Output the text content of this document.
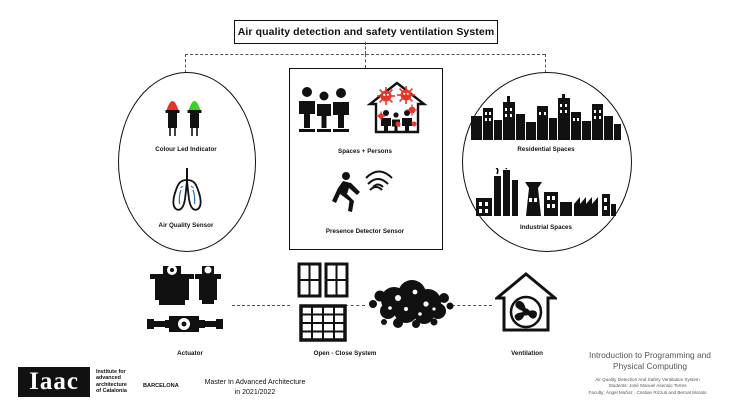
Air quality detection and safety ventilation System
Colour Led Indicator
Air Quality Sensor
Spaces + Persons
Presence Detector Sensor
Residential Spaces
Industrial Spaces
Actuator	Open - Close System	Ventilation
I aac	Institute for
advanced
architecture
of Catalonia
BARCELONA	Master In Advanced Architecture
in 2021/2022
Introduction to Programming and
Physical Computing
Air Quality Detection And Safety Ventilation System
Students: José Manuel Asensio Torres
Faculty: Ángel Muñoz , Cristian Rizzuti and Bernat Morato
